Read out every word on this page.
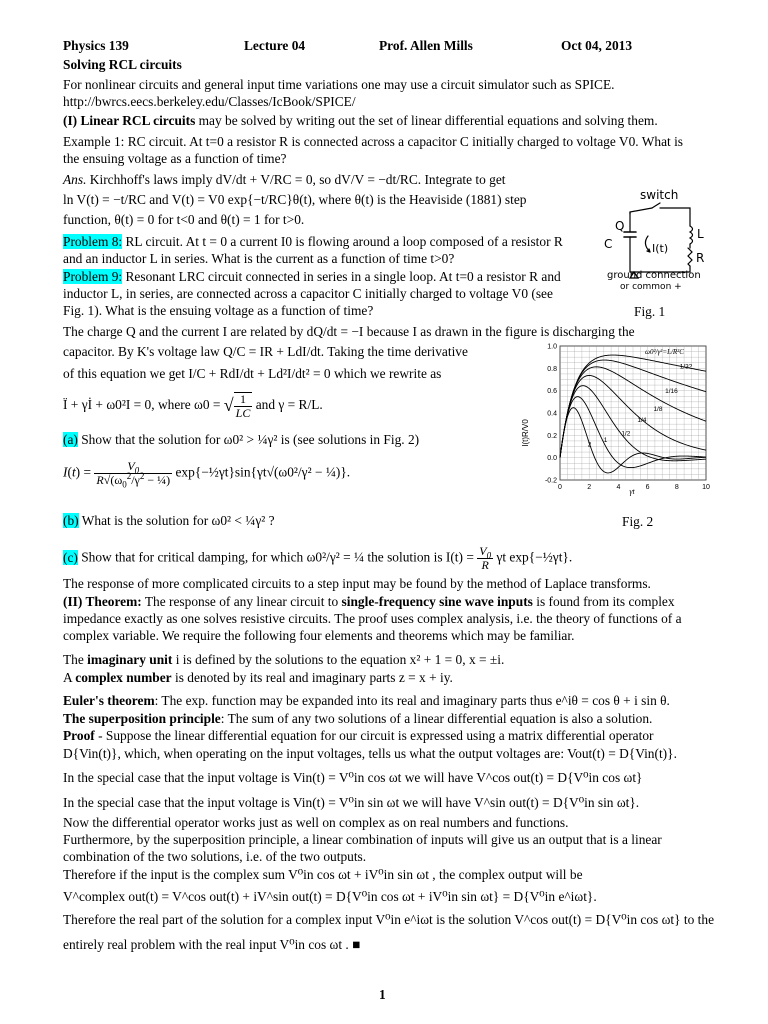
Physics 139	Lecture 04	Prof. Allen Mills	Oct 04, 2013
Solving RCL circuits
For nonlinear circuits and general input time variations one may use a circuit simulator such as SPICE.
http://bwrcs.eecs.berkeley.edu/Classes/IcBook/SPICE/
(I) Linear RCL circuits may be solved by writing out the set of linear differential equations and solving them.
Example 1: RC circuit. At t=0 a resistor R is connected across a capacitor C initially charged to voltage V0. What is
the ensuing voltage as a function of time?
Ans. Kirchhoff's laws imply dV/dt + V/RC = 0, so dV/V = −dt/RC. Integrate to get
ln V(t) = −t/RC and V(t) = V0 exp{−t/RC}θ(t), where θ(t) is the Heaviside (1881) step
function, θ(t) = 0 for t<0 and θ(t) = 1 for t>0.
Problem 8: RL circuit. At t = 0 a current I0 is flowing around a loop composed of a resistor R
and an inductor L in series. What is the current as a function of time t>0?
Problem 9: Resonant LRC circuit connected in series in a single loop. At t=0 a resistor R and
inductor L, in series, are connected across a capacitor C initially charged to voltage V0 (see
Fig. 1). What is the ensuing voltage as a function of time?
switch
Q
C
L
R
I(t)
ground connection
or common +
Fig. 1
The charge Q and the current I are related by dQ/dt = −I because I as drawn in the figure is discharging the
capacitor. By K's voltage law Q/C = IR + LdI/dt. Taking the time derivative
of this equation we get I/C + RdI/dt + Ld²I/dt² = 0 which we rewrite as
Ï + γİ + ω0²I = 0, where ω0 = √ $\frac{1}{LC}$ and γ = R/L.
(a) Show that the solution for ω0² > ¼γ² is (see solutions in Fig. 2)
$I(t) = \frac{V_0}{R√(\omega_0^2/\gamma^2 - \frac{1}{4})}$ exp{−½γt}sin{γt√(ω0²/γ² − ¼)}.
(b) What is the solution for ω0² < ¼γ² ?
1/32
1/16
1/8
1/4
1/2
1
2
0	2	4	6	8	10
-0.2
0.0
0.2
0.4
0.6
0.8
1.0
I(t)R/V0
γt
ω0²/γ²=L/R²C
Fig. 2
(c) Show that for critical damping, for which ω0²/γ² = ¼ the solution is $I(t) = \frac{V_0}{R}$ γt exp{−½γt}.
The response of more complicated circuits to a step input may be found by the method of Laplace transforms.
(II) Theorem: The response of any linear circuit to single-frequency sine wave inputs is found from its complex
impedance exactly as one solves resistive circuits. The proof uses complex analysis, i.e. the theory of functions of a
complex variable. We require the following four elements and theorems which may be familiar.
The imaginary unit i is defined by the solutions to the equation x² + 1 = 0, x = ±i.
A complex number is denoted by its real and imaginary parts z = x + iy.
Euler's theorem: The exp. function may be expanded into its real and imaginary parts thus e^iθ = cos θ + i sin θ.
The superposition principle: The sum of any two solutions of a linear differential equation is also a solution.
Proof - Suppose the linear differential equation for our circuit is expressed using a matrix differential operator
D{Vin(t)}, which, when operating on the input voltages, tells us what the output voltages are: Vout(t) = D{Vin(t)}.
In the special case that the input voltage is Vin(t) = V⁰in cos ωt we will have V^cos out(t) = D{V⁰in cos ωt}
In the special case that the input voltage is Vin(t) = V⁰in sin ωt we will have V^sin out(t) = D{V⁰in sin ωt}.
Now the differential operator works just as well on complex as on real numbers and functions.
Furthermore, by the superposition principle, a linear combination of inputs will give us an output that is a linear
combination of the two solutions, i.e. of the two outputs.
Therefore if the input is the complex sum V⁰in cos ωt + iV⁰in sin ωt , the complex output will be
V^complex out(t) = V^cos out(t) + iV^sin out(t) = D{V⁰in cos ωt + iV⁰in sin ωt} = D{V⁰in e^iωt}.
Therefore the real part of the solution for a complex input V⁰in e^iωt is the solution V^cos out(t) = D{V⁰in cos ωt} to the
entirely real problem with the real input V⁰in cos ωt . ■
1
